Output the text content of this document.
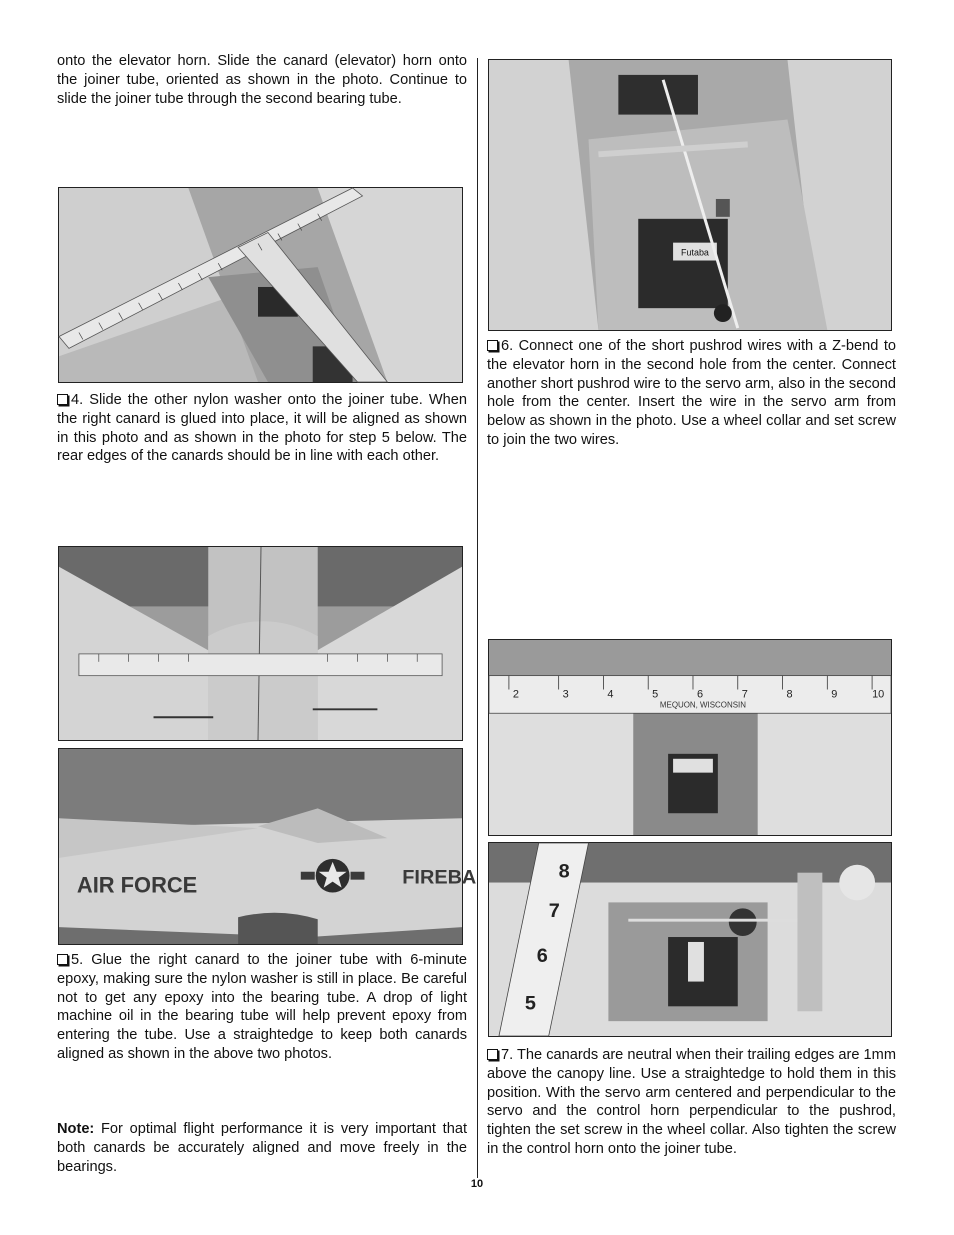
onto the elevator horn. Slide the canard (elevator) horn onto the joiner tube, oriented as shown in the photo. Continue to slide the joiner tube through the second bearing tube.

4. Slide the other nylon washer onto the joiner tube. When the right canard is glued into place, it will be aligned as shown in this photo and as shown in the photo for step 5 below. The rear edges of the canards should be in line with each other.

AIR FORCE	FIREBA

5. Glue the right canard to the joiner tube with 6-minute epoxy, making sure the nylon washer is still in place. Be careful not to get any epoxy into the bearing tube. A drop of light machine oil in the bearing tube will help prevent epoxy from entering the tube. Use a straightedge to keep both canards aligned as shown in the above two photos.

Note: For optimal flight performance it is very important that both canards be accurately aligned and move freely in the bearings.

Futaba

6. Connect one of the short pushrod wires with a Z-bend to the elevator horn in the second hole from the center. Connect another short pushrod wire to the servo arm, also in the second hole from the center. Insert the wire in the servo arm from below as shown in the photo. Use a wheel collar and set screw to join the two wires.

MEQUON, WISCONSIN
2	3	4	5	6	7	8	9	10
8
7
6
5

7. The canards are neutral when their trailing edges are 1mm above the canopy line. Use a straightedge to hold them in this position. With the servo arm centered and perpendicular to the servo and the control horn perpendicular to the pushrod, tighten the set screw in the wheel collar. Also tighten the screw in the control horn onto the joiner tube.

10
